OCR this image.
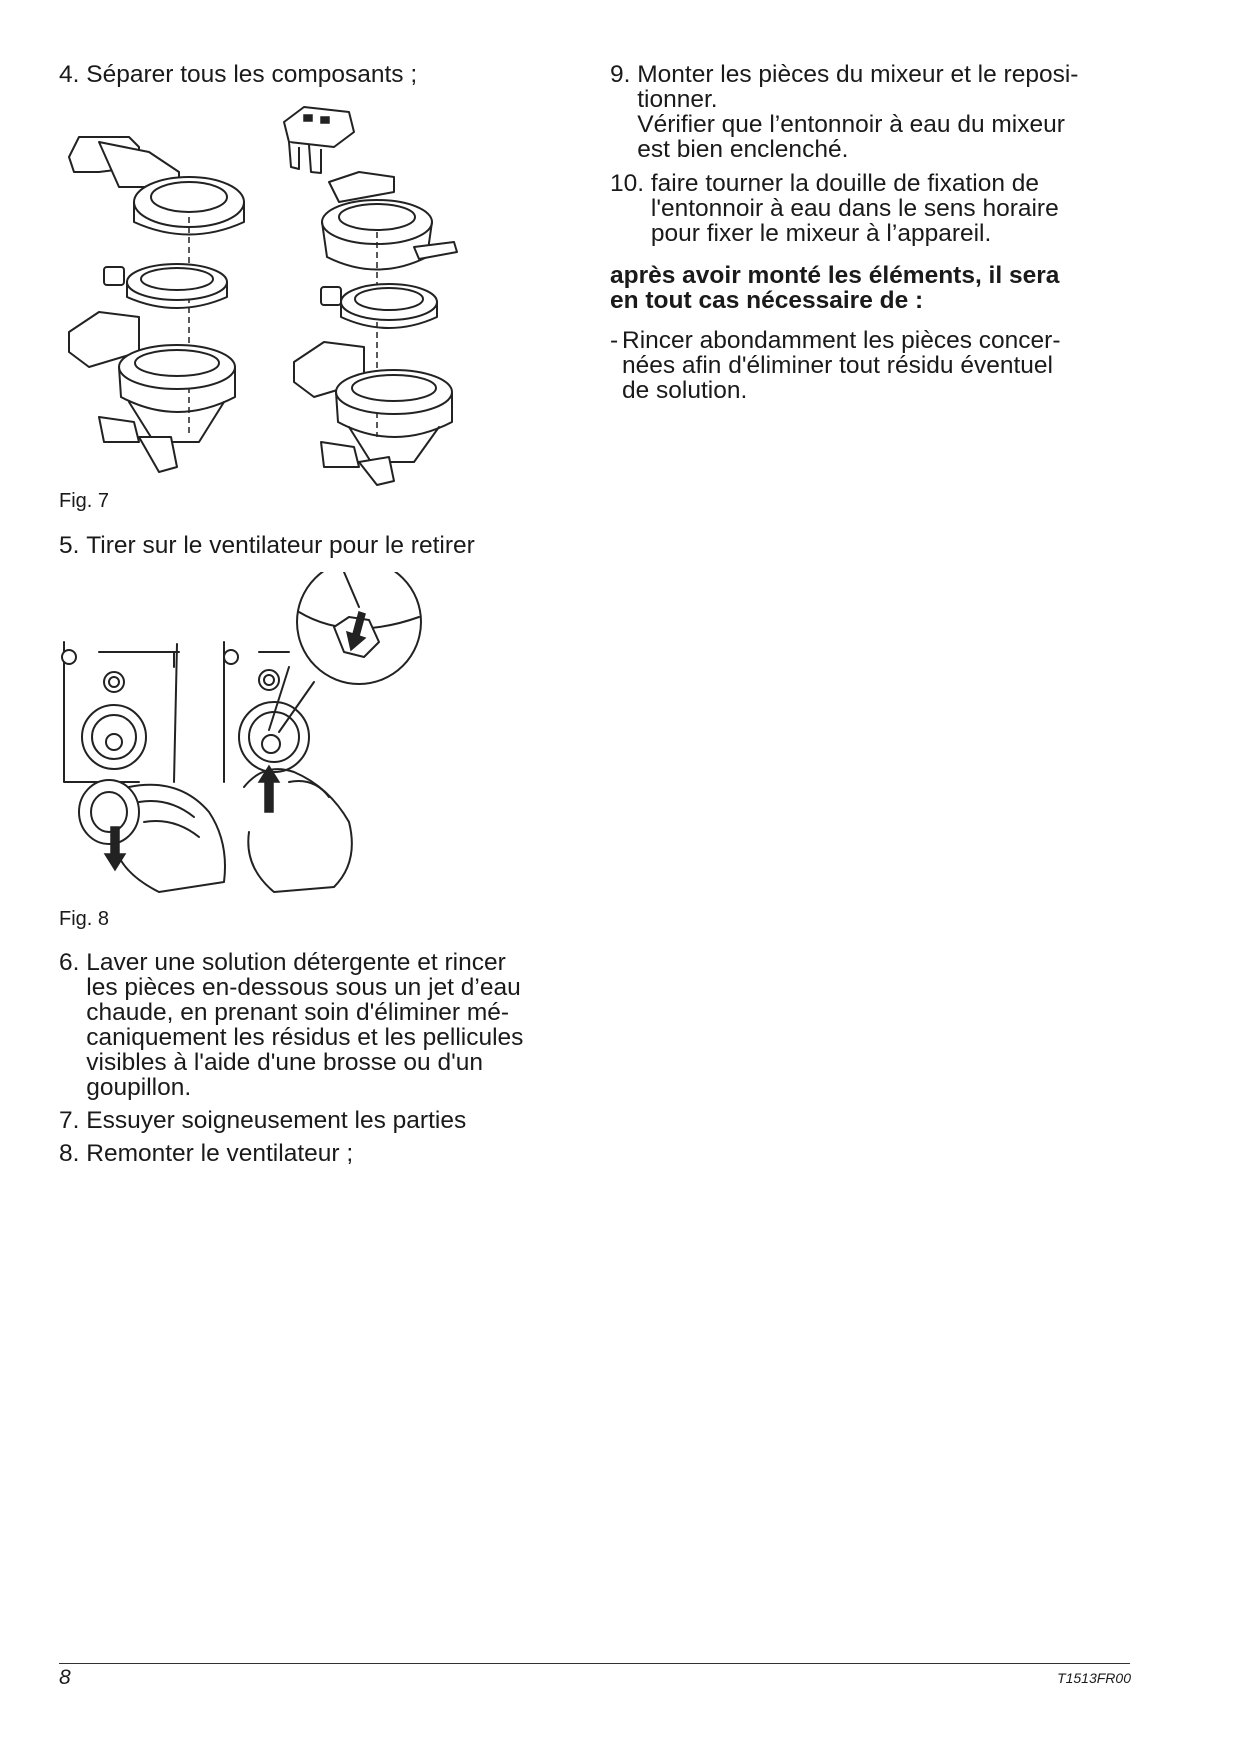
4. Séparer tous les composants ;

Fig. 7

5. Tirer sur le ventilateur pour le retirer

Fig. 8

6. Laver une solution détergente et rincer
les pièces en-dessous sous un jet d’eau
chaude, en prenant soin d'éliminer mé-
caniquement les résidus et les pellicules
visibles à l'aide d'une brosse ou d'un
goupillon.

7. Essuyer soigneusement les parties

8. Remonter le ventilateur ;

9. Monter les pièces du mixeur et le reposi-
tionner.
Vérifier que l’entonnoir à eau du mixeur
est bien enclenché.

10. faire tourner la douille de fixation de
l'entonnoir à eau dans le sens horaire
pour fixer le mixeur à l’appareil.

après avoir monté les éléments, il sera
en tout cas nécessaire de :

- Rincer abondamment les pièces concer-
nées afin d'éliminer tout résidu éventuel
de solution.

8	T1513FR00
